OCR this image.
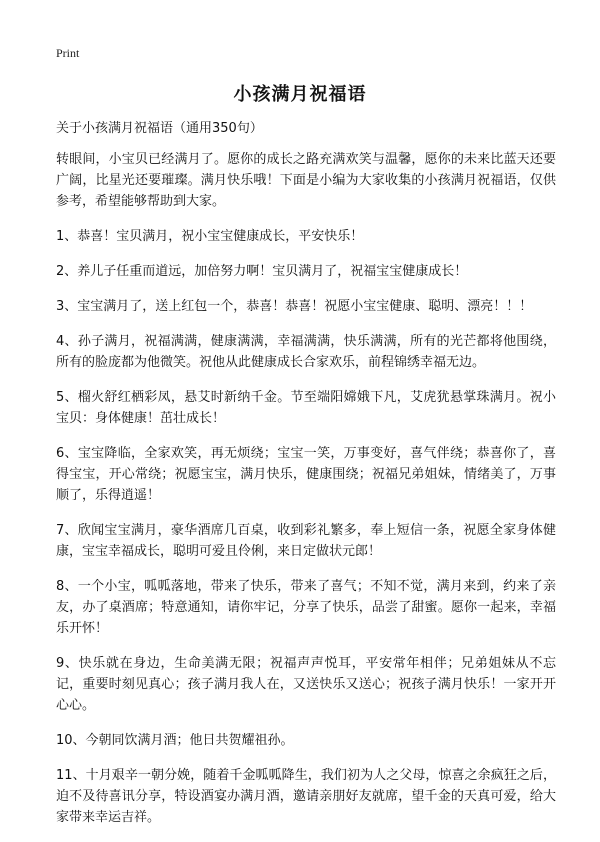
Print
小孩满月祝福语

关于小孩满月祝福语（通用350句）

转眼间，小宝贝已经满月了。愿你的成长之路充满欢笑与温馨，愿你的未来比蓝天还要广阔，比星光还要璀璨。满月快乐哦！下面是小编为大家收集的小孩满月祝福语，仅供参考，希望能够帮助到大家。

1、恭喜！宝贝满月，祝小宝宝健康成长，平安快乐！

2、养儿子任重而道远，加倍努力啊！宝贝满月了，祝福宝宝健康成长！

3、宝宝满月了，送上红包一个，恭喜！恭喜！祝愿小宝宝健康、聪明、漂亮！！！

4、孙子满月，祝福满满，健康满满，幸福满满，快乐满满，所有的光芒都将他围绕，所有的脸庞都为他微笑。祝他从此健康成长合家欢乐，前程锦绣幸福无边。

5、榴火舒红栖彩凤，悬艾时新纳千金。节至端阳嫦娥下凡，艾虎犹悬掌珠满月。祝小宝贝：身体健康！茁壮成长！

6、宝宝降临，全家欢笑，再无烦绕；宝宝一笑，万事变好，喜气伴绕；恭喜你了，喜得宝宝，开心常绕；祝愿宝宝，满月快乐，健康围绕；祝福兄弟姐妹，情绪美了，万事顺了，乐得逍遥！

7、欣闻宝宝满月，豪华酒席几百桌，收到彩礼繁多，奉上短信一条，祝愿全家身体健康，宝宝幸福成长，聪明可爱且伶俐，来日定做状元郎！

8、一个小宝，呱呱落地，带来了快乐，带来了喜气；不知不觉，满月来到，约来了亲友，办了桌酒席；特意通知，请你牢记，分享了快乐，品尝了甜蜜。愿你一起来，幸福乐开怀！

9、快乐就在身边，生命美满无限；祝福声声悦耳，平安常年相伴；兄弟姐妹从不忘记，重要时刻见真心；孩子满月我人在，又送快乐又送心；祝孩子满月快乐！一家开开心心。

10、今朝同饮满月酒；他日共贺耀祖孙。

11、十月艰辛一朝分娩，随着千金呱呱降生，我们初为人之父母，惊喜之余疯狂之后，迫不及待喜讯分享，特设酒宴办满月酒，邀请亲朋好友就席，望千金的天真可爱，给大家带来幸运吉祥。
